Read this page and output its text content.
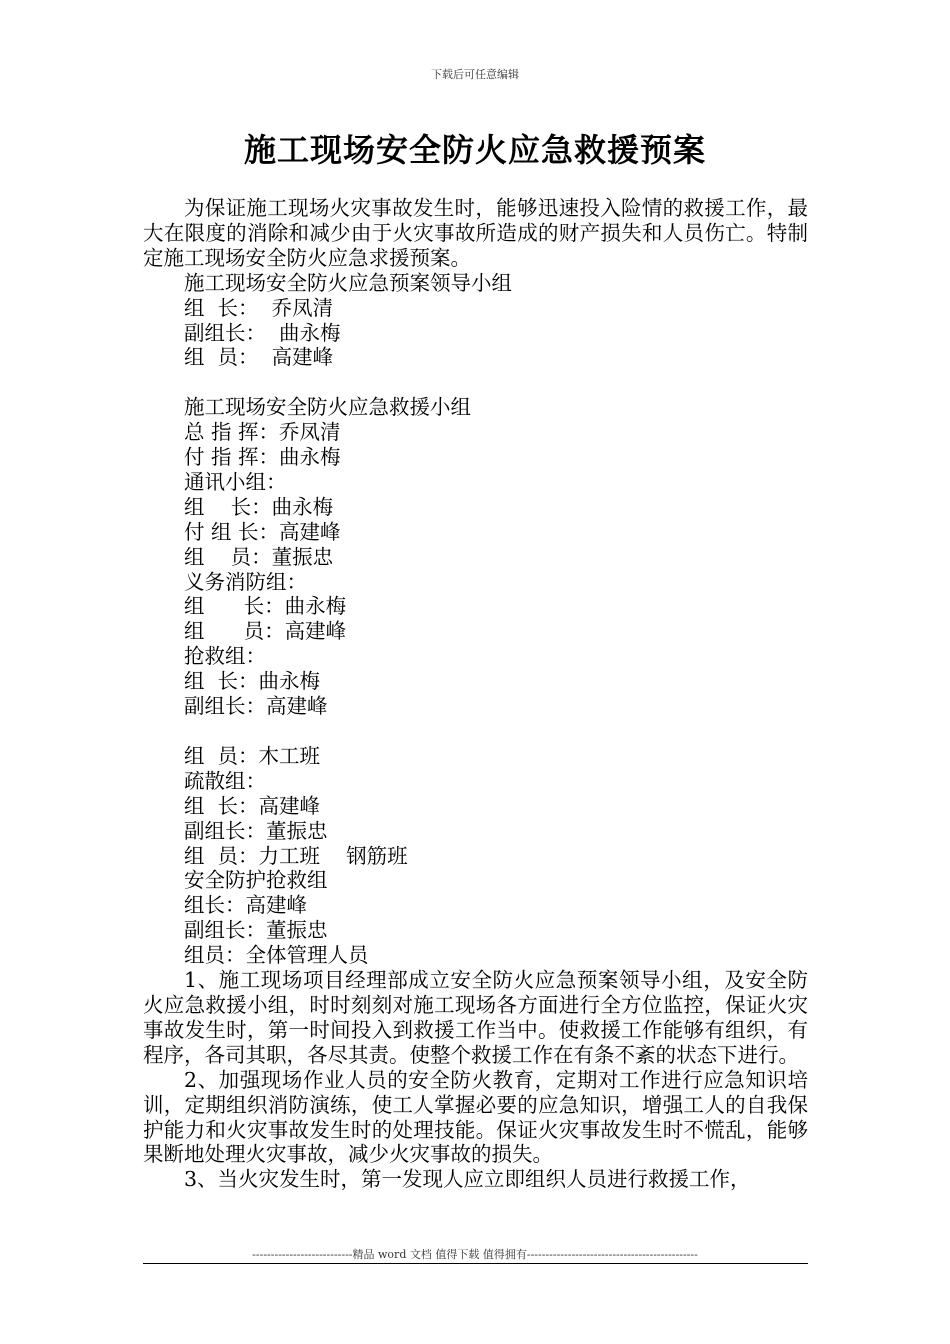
下载后可任意编辑
施工现场安全防火应急救援预案
为保证施工现场火灾事故发生时，能够迅速投入险情的救援工作，最大在限度的消除和减少由于火灾事故所造成的财产损失和人员伤亡。特制定施工现场安全防火应急求援预案。
施工现场安全防火应急预案领导小组
组  长：  乔凤清
副组长：  曲永梅
组  员：  高建峰
施工现场安全防火应急救援小组
总 指 挥：乔凤清
付 指 挥：曲永梅
通讯小组：
组    长：曲永梅
付 组 长：高建峰
组    员：董振忠
义务消防组：
组      长：曲永梅
组      员：高建峰
抢救组：
组  长：曲永梅
副组长：高建峰
组  员：木工班
疏散组：
组  长：高建峰
副组长：董振忠
组  员：力工班    钢筋班
安全防护抢救组
组长：高建峰
副组长：董振忠
组员：全体管理人员
1、施工现场项目经理部成立安全防火应急预案领导小组，及安全防火应急救援小组，时时刻刻对施工现场各方面进行全方位监控，保证火灾事故发生时，第一时间投入到救援工作当中。使救援工作能够有组织，有程序，各司其职，各尽其责。使整个救援工作在有条不紊的状态下进行。
2、加强现场作业人员的安全防火教育，定期对工作进行应急知识培训，定期组织消防演练，使工人掌握必要的应急知识，增强工人的自我保护能力和火灾事故发生时的处理技能。保证火灾事故发生时不慌乱，能够果断地处理火灾事故，减少火灾事故的损失。
3、当火灾发生时，第一发现人应立即组织人员进行救援工作，
---------------------------精品 word 文档 值得下载 值得拥有----------------------------------------------
